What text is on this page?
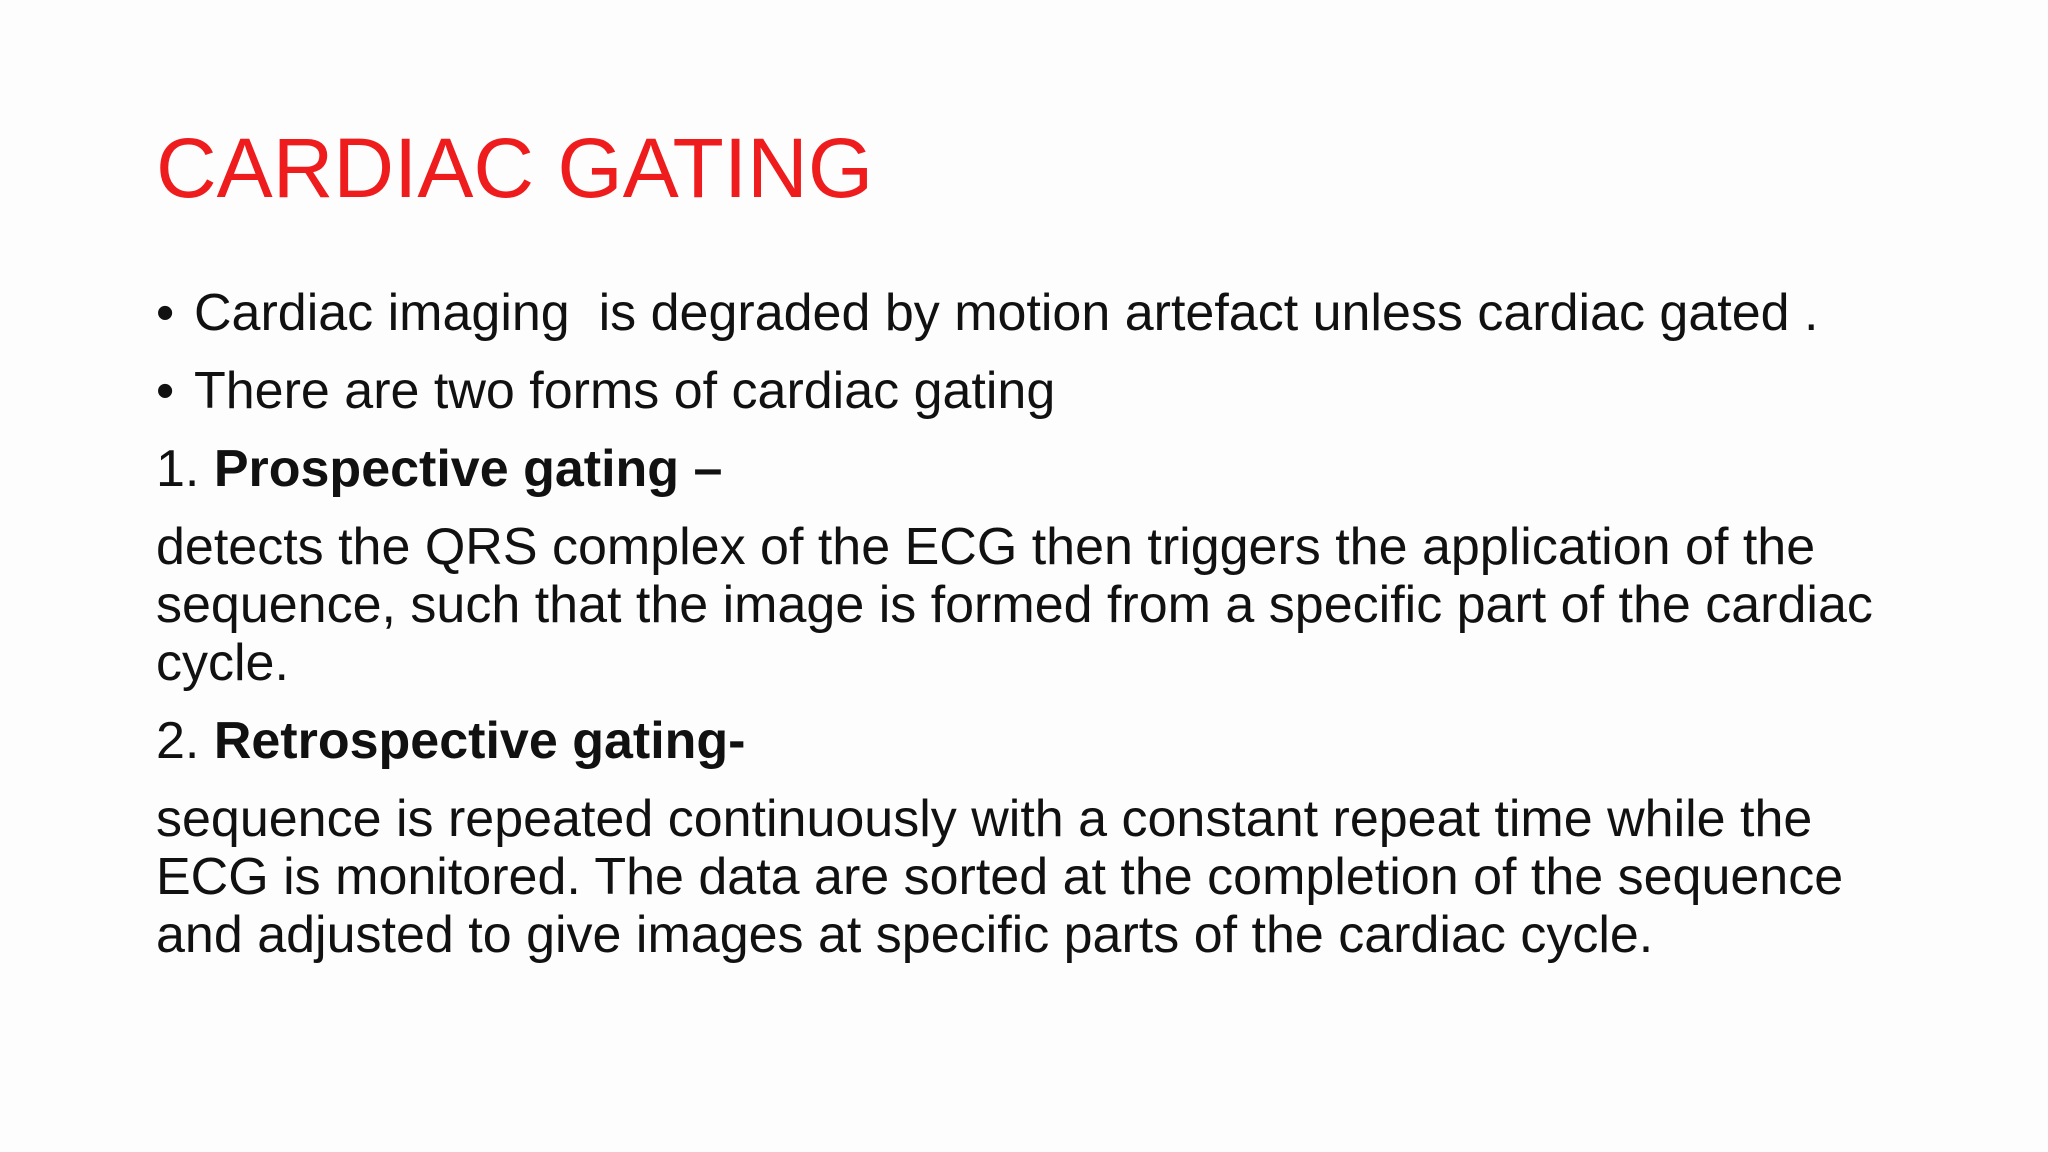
CARDIAC GATING
• Cardiac imaging  is degraded by motion artefact unless cardiac gated .
• There are two forms of cardiac gating
1. Prospective gating –
detects the QRS complex of the ECG then triggers the application of the sequence, such that the image is formed from a specific part of the cardiac cycle.
2. Retrospective gating-
sequence is repeated continuously with a constant repeat time while the ECG is monitored. The data are sorted at the completion of the sequence and adjusted to give images at specific parts of the cardiac cycle.
